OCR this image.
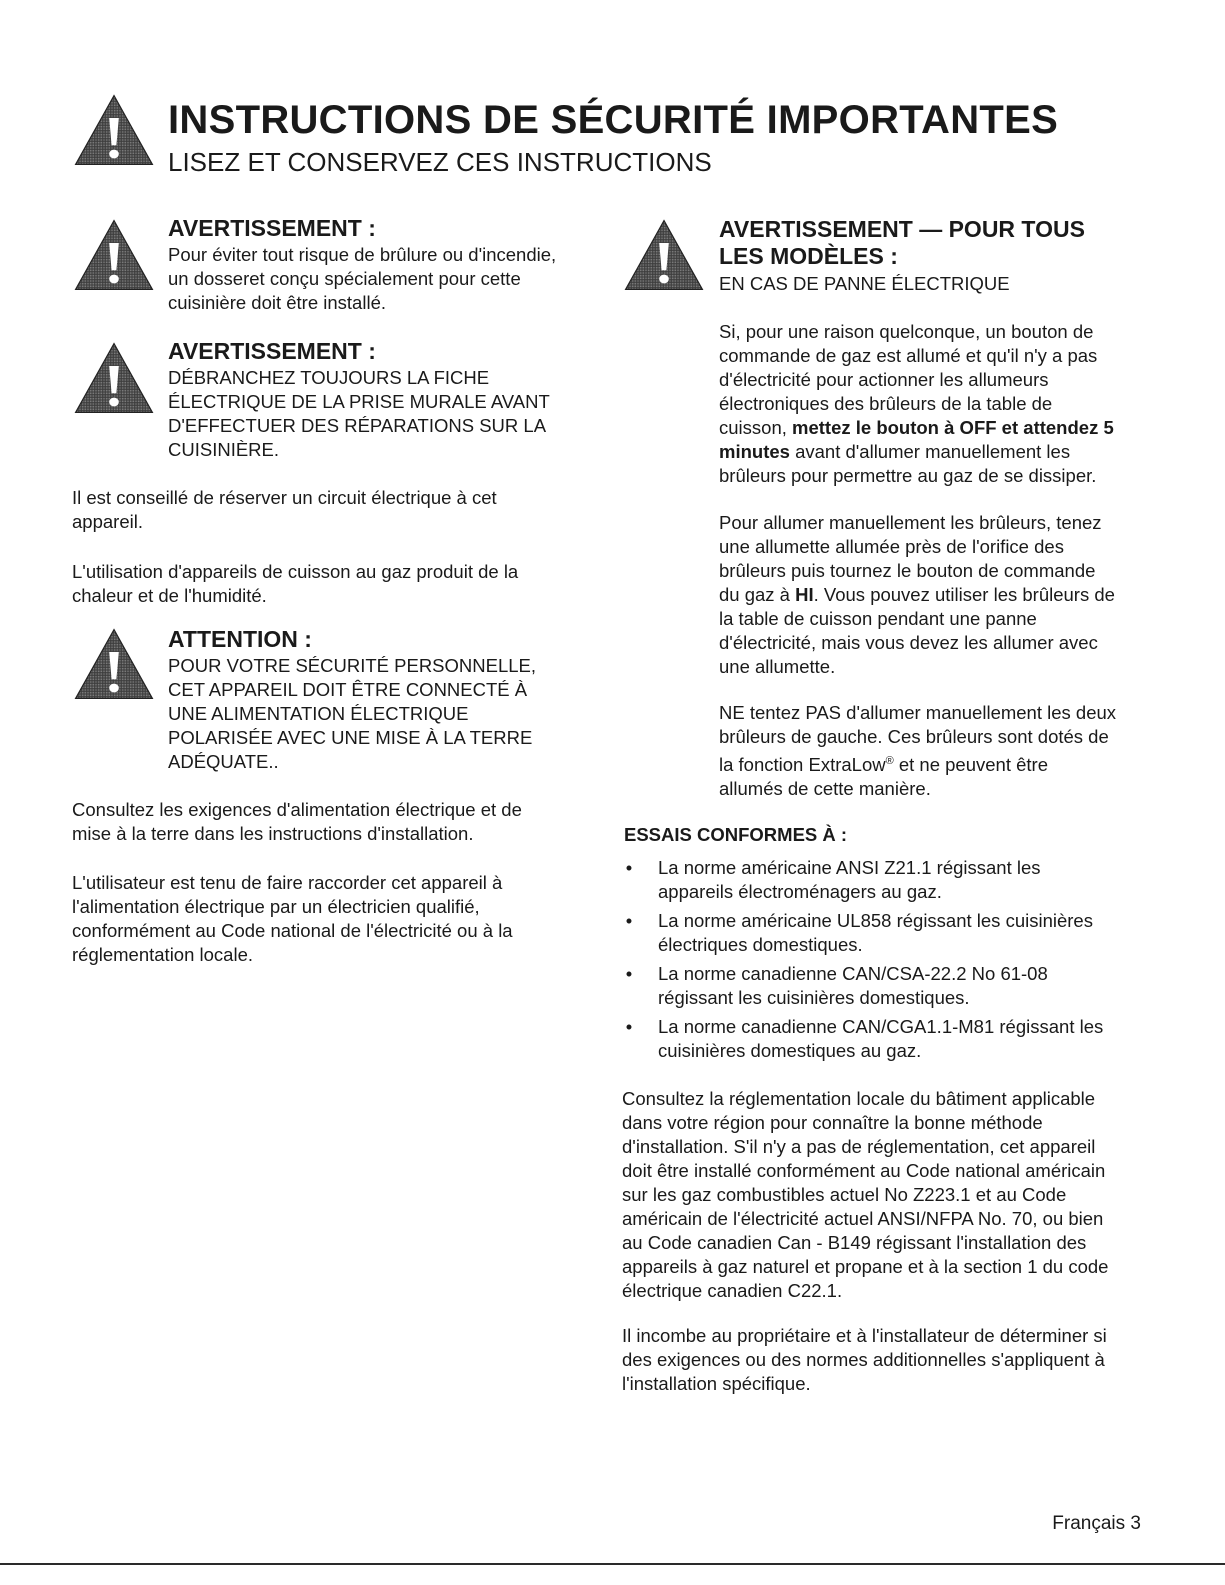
INSTRUCTIONS DE SÉCURITÉ IMPORTANTES
LISEZ ET CONSERVEZ CES INSTRUCTIONS
AVERTISSEMENT :
Pour éviter tout risque de brûlure ou d'incendie,
un dosseret conçu spécialement pour cette
cuisinière doit être installé.
AVERTISSEMENT :
DÉBRANCHEZ TOUJOURS LA FICHE
ÉLECTRIQUE DE LA PRISE MURALE AVANT
D'EFFECTUER DES RÉPARATIONS SUR LA
CUISINIÈRE.
Il est conseillé de réserver un circuit électrique à cet
appareil.
L'utilisation d'appareils de cuisson au gaz produit de la
chaleur et de l'humidité.
ATTENTION :
POUR VOTRE SÉCURITÉ PERSONNELLE,
CET APPAREIL DOIT ÊTRE CONNECTÉ À
UNE ALIMENTATION ÉLECTRIQUE
POLARISÉE AVEC UNE MISE À LA TERRE
ADÉQUATE..
Consultez les exigences d'alimentation électrique et de
mise à la terre dans les instructions d'installation.
L'utilisateur est tenu de faire raccorder cet appareil à
l'alimentation électrique par un électricien qualifié,
conformément au Code national de l'électricité ou à la
réglementation locale.
AVERTISSEMENT — POUR TOUS
LES MODÈLES :
EN CAS DE PANNE ÉLECTRIQUE
Si, pour une raison quelconque, un bouton de
commande de gaz est allumé et qu'il n'y a pas
d'électricité pour actionner les allumeurs
électroniques des brûleurs de la table de
cuisson, mettez le bouton à OFF et attendez 5
minutes avant d'allumer manuellement les
brûleurs pour permettre au gaz de se dissiper.
Pour allumer manuellement les brûleurs, tenez
une allumette allumée près de l'orifice des
brûleurs puis tournez le bouton de commande
du gaz à HI. Vous pouvez utiliser les brûleurs de
la table de cuisson pendant une panne
d'électricité, mais vous devez les allumer avec
une allumette.
NE tentez PAS d'allumer manuellement les deux
brûleurs de gauche. Ces brûleurs sont dotés de
la fonction ExtraLow® et ne peuvent être
allumés de cette manière.
ESSAIS CONFORMES À :
• La norme américaine ANSI Z21.1 régissant les
appareils électroménagers au gaz.
• La norme américaine UL858 régissant les cuisinières
électriques domestiques.
• La norme canadienne CAN/CSA-22.2 No 61-08
régissant les cuisinières domestiques.
• La norme canadienne CAN/CGA1.1-M81 régissant les
cuisinières domestiques au gaz.
Consultez la réglementation locale du bâtiment applicable
dans votre région pour connaître la bonne méthode
d'installation. S'il n'y a pas de réglementation, cet appareil
doit être installé conformément au Code national américain
sur les gaz combustibles actuel No Z223.1 et au Code
américain de l'électricité actuel ANSI/NFPA No. 70, ou bien
au Code canadien Can - B149 régissant l'installation des
appareils à gaz naturel et propane et à la section 1 du code
électrique canadien C22.1.
Il incombe au propriétaire et à l'installateur de déterminer si
des exigences ou des normes additionnelles s'appliquent à
l'installation spécifique.
Français 3
